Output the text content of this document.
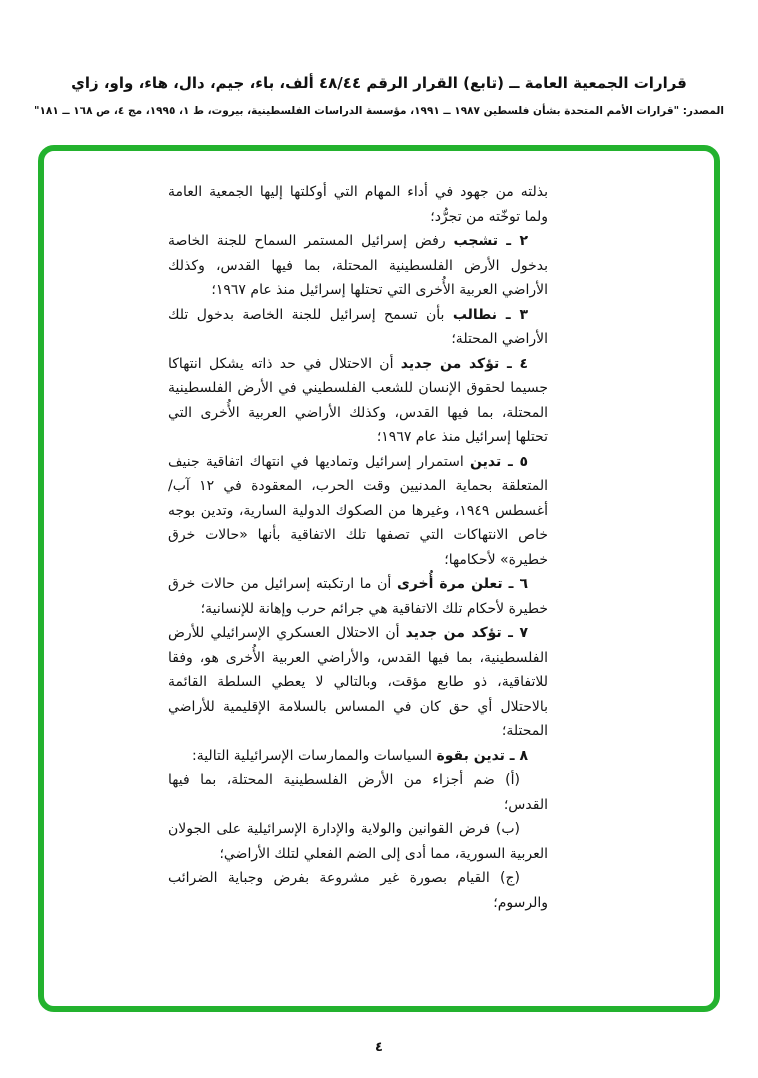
قرارات الجمعية العامة ــ (تابع) القرار الرقم ٤٨/٤٤ ألف، باء، جيم، دال، هاء، واو، زاي
المصدر: "قرارات الأمم المتحدة بشأن فلسطين ١٩٨٧ ــ ١٩٩١، مؤسسة الدراسات الفلسطينية، بيروت، ط ١، ١٩٩٥، مج ٤، ص ١٦٨ ــ ١٨١"

بذلته من جهود في أداء المهام التي أوكلتها إليها الجمعية العامة ولما توخّته من تجرُّد؛

٢ ـ تشجب رفض إسرائيل المستمر السماح للجنة الخاصة بدخول الأرض الفلسطينية المحتلة، بما فيها القدس، وكذلك الأراضي العربية الأُخرى التي تحتلها إسرائيل منذ عام ١٩٦٧؛

٣ ـ نطالب بأن تسمح إسرائيل للجنة الخاصة بدخول تلك الأراضي المحتلة؛

٤ ـ تؤكد من جديد أن الاحتلال في حد ذاته يشكل انتهاكا جسيما لحقوق الإنسان للشعب الفلسطيني في الأرض الفلسطينية المحتلة، بما فيها القدس، وكذلك الأراضي العربية الأُخرى التي تحتلها إسرائيل منذ عام ١٩٦٧؛

٥ ـ تدين استمرار إسرائيل وتماديها في انتهاك اتفاقية جنيف المتعلقة بحماية المدنيين وقت الحرب، المعقودة في ١٢ آب/أغسطس ١٩٤٩، وغيرها من الصكوك الدولية السارية، وتدين بوجه خاص الانتهاكات التي تصفها تلك الاتفاقية بأنها «حالات خرق خطيرة» لأحكامها؛

٦ ـ تعلن مرة أُخرى أن ما ارتكبته إسرائيل من حالات خرق خطيرة لأحكام تلك الاتفاقية هي جرائم حرب وإهانة للإنسانية؛

٧ ـ تؤكد من جديد أن الاحتلال العسكري الإسرائيلي للأرض الفلسطينية، بما فيها القدس، والأراضي العربية الأُخرى هو، وفقا للاتفاقية، ذو طابع مؤقت، وبالتالي لا يعطي السلطة القائمة بالاحتلال أي حق كان في المساس بالسلامة الإقليمية للأراضي المحتلة؛

٨ ـ تدين بقوة السياسات والممارسات الإسرائيلية التالية:

(أ) ضم أجزاء من الأرض الفلسطينية المحتلة، بما فيها القدس؛

(ب) فرض القوانين والولاية والإدارة الإسرائيلية على الجولان العربية السورية، مما أدى إلى الضم الفعلي لتلك الأراضي؛

(ج) القيام بصورة غير مشروعة بفرض وجباية الضرائب والرسوم؛

٤
